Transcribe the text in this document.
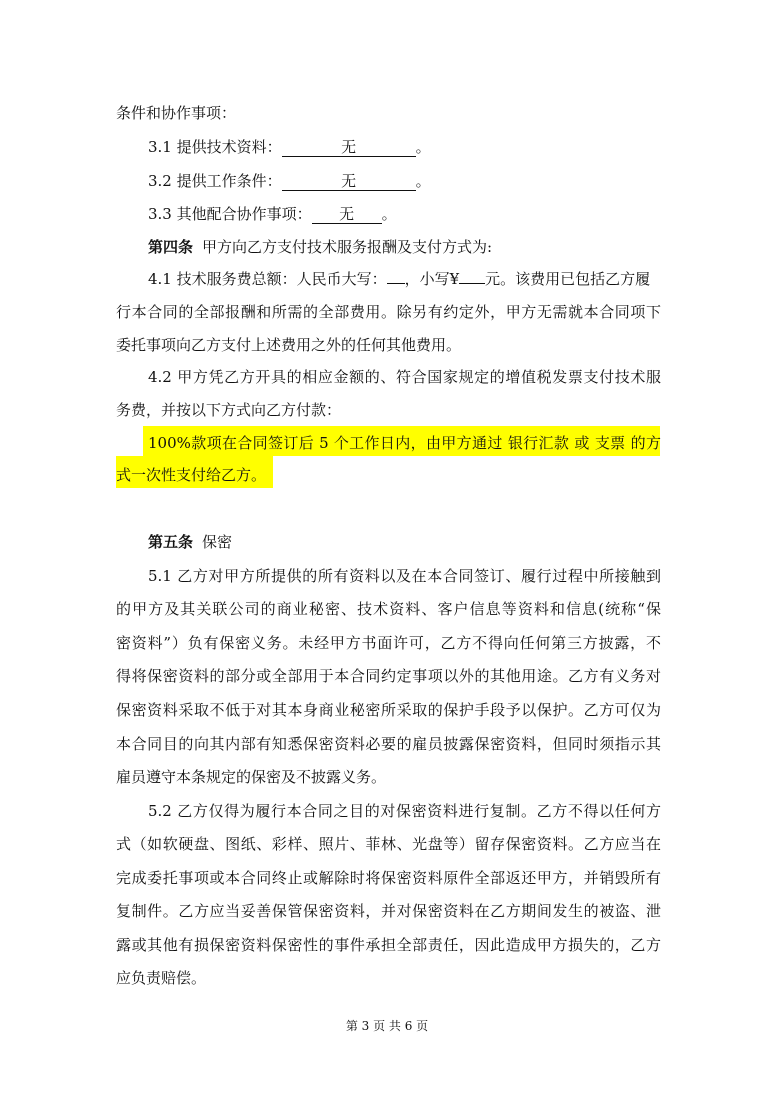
条件和协作事项：
3.1 提供技术资料：	无	。
3.2 提供工作条件：	无	。
3.3 其他配合协作事项： 无 。
第四条 甲方向乙方支付技术服务报酬及支付方式为:
4.1 技术服务费总额：人民币大写： ，小写¥ 元。该费用已包括乙方履
行本合同的全部报酬和所需的全部费用。除另有约定外，甲方无需就本合同项下
委托事项向乙方支付上述费用之外的任何其他费用。
4.2 甲方凭乙方开具的相应金额的、符合国家规定的增值税发票支付技术服
务费，并按以下方式向乙方付款：
100%款项在合同签订后 5 个工作日内，由甲方通过 银行汇款 或 支票 的方
式一次性支付给乙方。
第五条 保密
5.1 乙方对甲方所提供的所有资料以及在本合同签订、履行过程中所接触到
的甲方及其关联公司的商业秘密、技术资料、客户信息等资料和信息(统称“保
密资料”）负有保密义务。未经甲方书面许可，乙方不得向任何第三方披露，不
得将保密资料的部分或全部用于本合同约定事项以外的其他用途。乙方有义务对
保密资料采取不低于对其本身商业秘密所采取的保护手段予以保护。乙方可仅为
本合同目的向其内部有知悉保密资料必要的雇员披露保密资料，但同时须指示其
雇员遵守本条规定的保密及不披露义务。
5.2 乙方仅得为履行本合同之目的对保密资料进行复制。乙方不得以任何方
式（如软硬盘、图纸、彩样、照片、菲林、光盘等）留存保密资料。乙方应当在
完成委托事项或本合同终止或解除时将保密资料原件全部返还甲方，并销毁所有
复制件。乙方应当妥善保管保密资料，并对保密资料在乙方期间发生的被盗、泄
露或其他有损保密资料保密性的事件承担全部责任，因此造成甲方损失的，乙方
应负责赔偿。
第 3 页 共 6 页
